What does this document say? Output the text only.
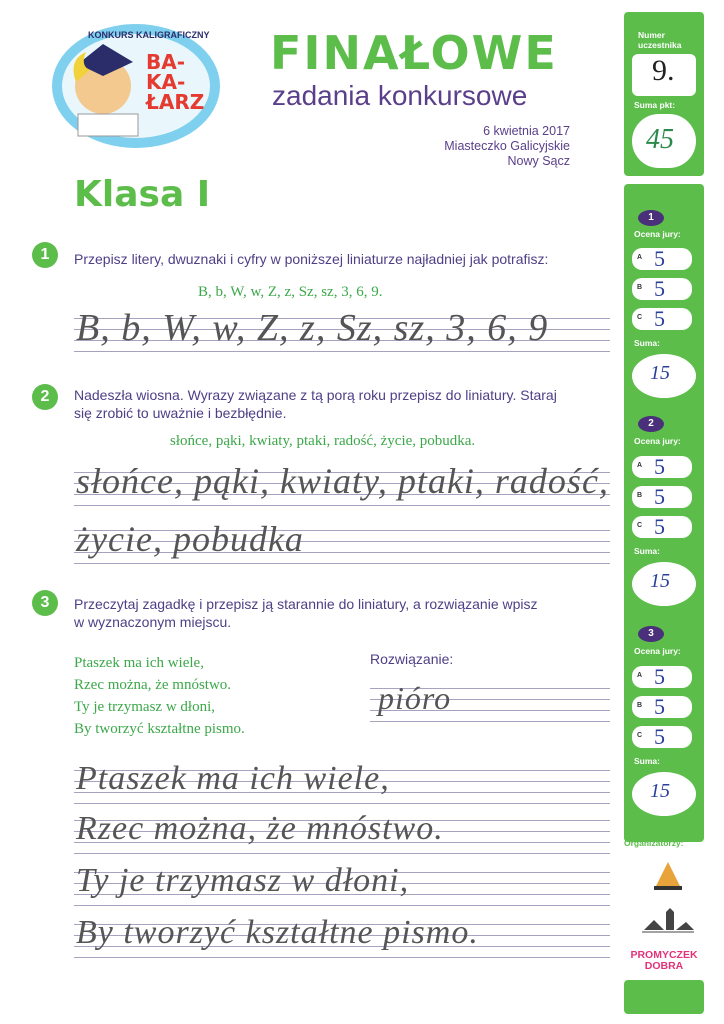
KONKURS KALIGRAFICZNY
BA-
KA-
ŁARZ
FINAŁOWE
zadania konkursowe
6 kwietnia 2017
Miasteczko Galicyjskie
Nowy Sącz
Klasa I
1	Przepisz litery, dwuznaki i cyfry w poniższej liniaturze najładniej jak potrafisz:
B, b, W, w, Z, z, Sz, sz, 3, 6, 9.
B, b, W, w, Z, z, Sz, sz, 3, 6, 9
2	Nadeszła wiosna. Wyrazy związane z tą porą roku przepisz do liniatury. Staraj
się zrobić to uważnie i bezbłędnie.
słońce, pąki, kwiaty, ptaki, radość, życie, pobudka.
słońce, pąki, kwiaty, ptaki, radość,
życie, pobudka
3	Przeczytaj zagadkę i przepisz ją starannie do liniatury, a rozwiązanie wpisz
w wyznaczonym miejscu.
Ptaszek ma ich wiele,
Rzec można, że mnóstwo.
Ty je trzymasz w dłoni,
By tworzyć kształtne pismo.
Rozwiązanie:
pióro
Ptaszek ma ich wiele,
Rzec można, że mnóstwo.
Ty je trzymasz w dłoni,
By tworzyć kształtne pismo.
Numer
uczestnika
9.
Suma pkt:
45
1
Ocena jury:
A 5
B 5
C 5
Suma:
15
2
Ocena jury:
A 5
B 5
C 5
Suma:
15
3
Ocena jury:
A 5
B 5
C 5
Suma:
15
Organizatorzy:
PROMYCZEK DOBRA
